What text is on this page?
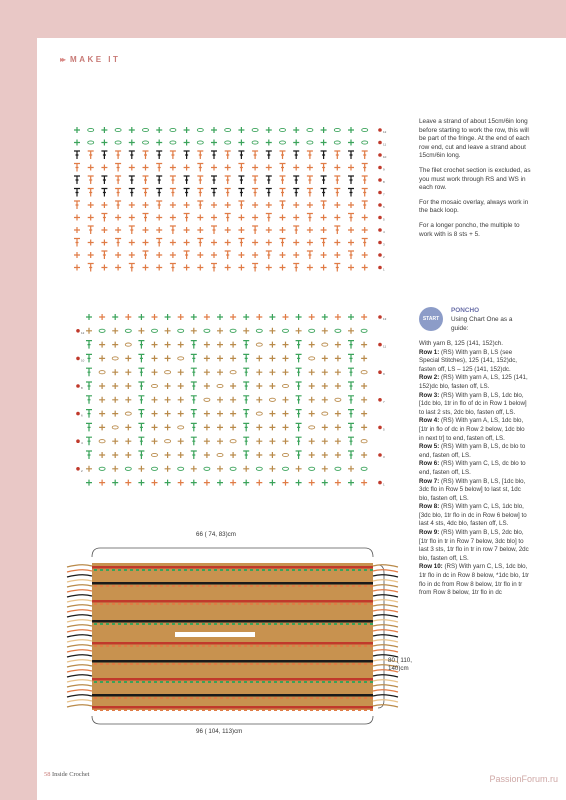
▸▸ MAKE IT
12
11
10
9
8
7
6
5
4
3
2
1
13
12
11
10
9
8
7
6
5
4
3
2
1
66 ( 74, 83)cm
80 ( 110, 140)cm
96 ( 104, 113)cm

Leave a strand of about 15cm/6in long before starting to work the row, this will be part of the fringe. At the end of each row end, cut and leave a strand about 15cm/6in long.

The filet crochet section is excluded, as you must work through RS and WS in each row.

For the mosaic overlay, always work in the back loop.

For a longer poncho, the multiple to work with is 8 sts + 5.

START
PONCHO
Using Chart One as a guide:
With yarn B, 125 (141, 152)ch.
Row 1: (RS) With yarn B, LS (see Special Stitches), 125 (141, 152)dc, fasten off, LS – 125 (141, 152)dc.
Row 2: (RS) With yarn A, LS, 125 (141, 152)dc blo, fasten off, LS.
Row 3: (RS) With yarn B, LS, 1dc blo, [1dc blo, 1tr in flo of dc in Row 1 below] to last 2 sts, 2dc blo, fasten off, LS.
Row 4: (RS) With yarn A, LS, 1dc blo, [1tr in flo of dc in Row 2 below, 1dc blo in next tr] to end, fasten off, LS.
Row 5: (RS) With yarn B, LS, dc blo to end, fasten off, LS.
Row 6: (RS) With yarn C, LS, dc blo to end, fasten off, LS.
Row 7: (RS) With yarn B, LS, [1dc blo, 3dc flo in Row 5 below] to last st, 1dc blo, fasten off, LS.
Row 8: (RS) With yarn C, LS, 1dc blo, [3dc blo, 1tr flo in dc in Row 6 below] to last 4 sts, 4dc blo, fasten off, LS.
Row 9: (RS) With yarn B, LS, 2dc blo, [1tr flo in tr in Row 7 below, 3dc blo] to last 3 sts, 1tr flo in tr in row 7 below, 2dc blo, fasten off, LS.
Row 10: (RS) With yarn C, LS, 1dc blo, 1tr flo in dc in Row 8 below, *1dc blo, 1tr flo in dc from Row 8 below, 1tr flo in tr from Row 8 below, 1tr flo in dc
58 Inside Crochet	PassionForum.ru
